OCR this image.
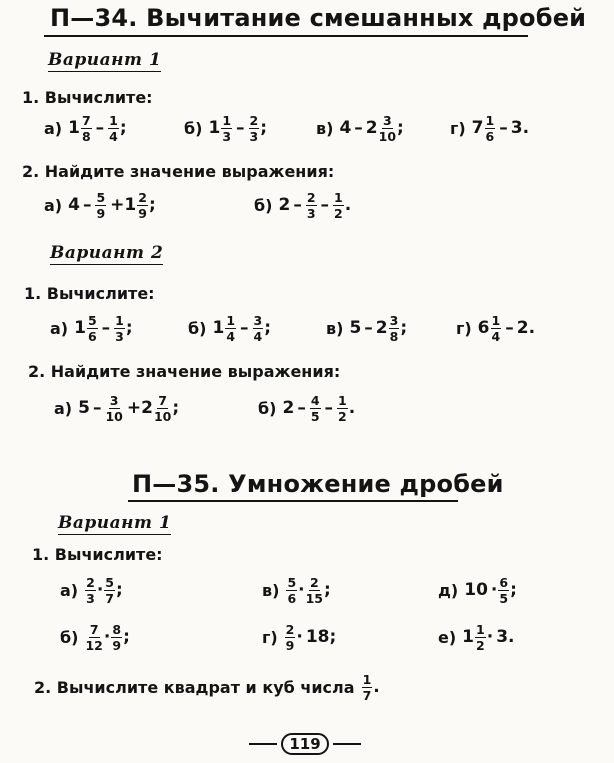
П—34. Вычитание смешанных дробей
Вариант 1
1. Вычислите:
а) $1 \frac{7}{8} - \frac{1}{4}$ ;	б) $1 \frac{1}{3} - \frac{2}{3}$ ;	в) $4 - 2 \frac{3}{10}$ ;	г) $7 \frac{1}{6} - 3$ .
2. Найдите значение выражения:
а) $4 - \frac{5}{9} + 1 \frac{2}{9}$ ;	б) $2 - \frac{2}{3} - \frac{1}{2}$ .
Вариант 2
1. Вычислите:
а) $1 \frac{5}{6} - \frac{1}{3}$ ;	б) $1 \frac{1}{4} - \frac{3}{4}$ ;	в) $5 - 2 \frac{3}{8}$ ;	г) $6 \frac{1}{4} - 2$ .
2. Найдите значение выражения:
а) $5 - \frac{3}{10} + 2 \frac{7}{10}$ ;	б) $2 - \frac{4}{5} - \frac{1}{2}$ .
П—35. Умножение дробей
Вариант 1
1. Вычислите:
$а) \frac{2}{3} \cdot \frac{5}{7}$ ;	$в) \frac{5}{6} \cdot \frac{2}{15}$ ;	д) $10 \cdot \frac{6}{5}$ ;
$б) \frac{7}{12} \cdot \frac{8}{9}$ ;	$г) \frac{2}{9} \cdot 18$ ;	е) $1 \frac{1}{2} \cdot 3$ .
2. Вычислите квадрат и куб числа $\frac{1}{7}$ .
119
